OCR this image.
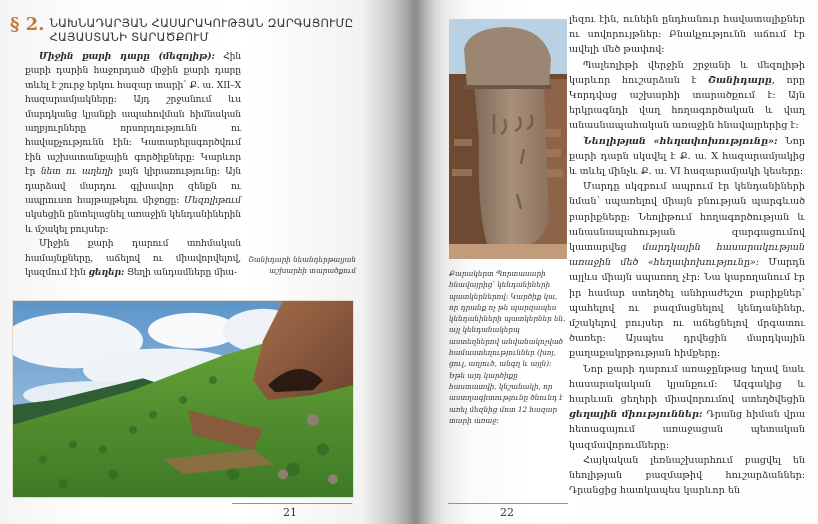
§ 2. ՆԱԽՆԱԴԱՐՅԱՆ ՀԱՍԱՐԱԿՈՒԹՅԱՆ ԶԱՐԳԱՑՈՒՄԸ
ՀԱՅԱՍՏԱՆԻ ՏԱՐԱԾՔՈՒՄ

Միջին քարի դարը (մեզոլիթ): Հին քարի դարին հաջորդած միջին քարի դարը տևել է շուրջ երկու հազար տարի՝ Ք. ա. XII–X հազարամյակները: Այդ շրջանում ևս մարդկանց կյանքի ապահովման հիմնական աղբյուրները որսորդությունն ու հավաքչությունն էին: Կատարելագործվում էին աշխատանքային գործիքները: Կարևոր էր նետ ու աղեղի լայն կիրառությունը: Այն դարձավ մարդու գլխավոր զենքն ու ապրուստ հայթայթելու միջոցը: Մեզոլիթում սկսեցին ընտելացնել առաջին կենդանիներին և մշակել բույսեր:

Միջին քարի դարում տոհմական համայնքները, աճելով ու միավորվելով, կազմում էին ցեղեր: Ցեղի անդամները միա-

Շանիդարի նեանդերթալյան աշխարհի տարածքում
21
Քարակերտ Պորտասարի հնավայրից՝ կենդանիների պատկերներով: Կարծիք կա, որ դրանք ոչ թե պարզապես կենդանիների պատկերներ են, այլ կենդանակերպ աստեղներով անվանակոչված համաստեղություններ (խոյ, ցուլ, աղյուծ, անգղ և այլն): Եթե այդ կարծիքը հաստատվի, կնշանակի, որ աստղագիտությունը ծնունդ է առել մեզնից մոտ 12 հազար տարի առաջ:

լեզու էին, ունեին ընդհանուր հավատալիքներ ու սովորույթներ: Բնակչությունն աճում էր ավելի մեծ թափով:

Պալեոլիթի վերջին շրջանի և մեզոլիթի կարևոր հուշարձան է Շանիդարը, որը Կորդվաց աշխարհի տարածքում է: Այն երկրագնդի վաղ հողագործական և վաղ անասնապահական առաջին հնավայրերից է:

Նեոլիթյան «հեղափոխությունը»: Նոր քարի դարն սկսվել է Ք. ա. X հազարամյակից և տևել մինչև Ք. ա. VI հազարամյակի կեսերը:

Մարդը սկզբում ապրում էր կենդանիների նման՝ սպառելով միայն բնության պարգևած բարիքները: Նեոլիթում հողագործության և անասնապահության զարգացումով կատարվեց մարդկային հասարակության առաջին մեծ «հեղափոխությունը»: Մարդն այլևս միայն սպառող չէր: Նա կարողանում էր իր համար ստեղծել անհրաժեշտ բարիքներ՝ պահելով ու բազմացնելով կենդանիներ, մշակելով բույսեր ու աճեցնելով մրգատու ծառեր: Այսպես դրվեցին մարդկային քաղաքակրթության հիմքերը:

Նոր քարի դարում առաջընթաց եղավ նաև հասարակական կյանքում: Ազգակից և հարևան ցեղերի միավորումով ստեղծվեցին ցեղային միություններ: Դրանց հիման վրա հետագայում առաջացան պետական կազմավորումները:

Հայկական լեռնաշխարհում բացվել են նեոլիթյան բազմաթիվ հուշարձաններ: Դրանցից հատկապես կարևոր են

22
